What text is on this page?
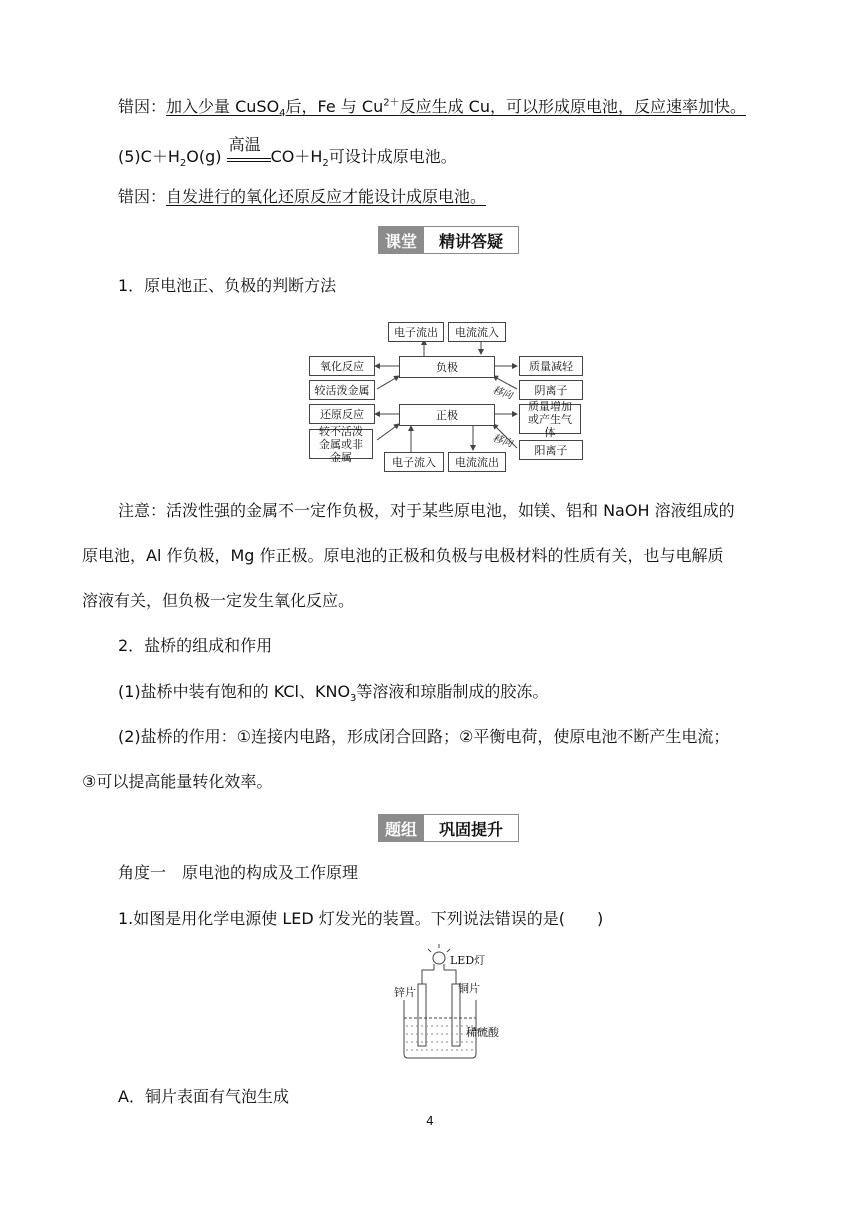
错因：加入少量 CuSO$_4$后，Fe 与 $Cu^{2+}$反应生成 Cu，可以形成原电池，反应速率加快。
$(5)C+H_2O(g)$
高温
$CO+H_2$可设计成原电池。
错因：自发进行的氧化还原反应才能设计成原电池。
课堂	精讲答疑
1．原电池正、负极的判断方法
电子流出	电流流入
负极
氧化反应
较活泼金属
质量减轻
阴离子
移向
正极
还原反应
较不活泼金属或非金属
质量增加或产生气体
移向
阳离子
电子流入	电流流出
注意：活泼性强的金属不一定作负极，对于某些原电池，如镁、铝和 NaOH 溶液组成的
原电池，Al 作负极，Mg 作正极。原电池的正极和负极与电极材料的性质有关，也与电解质
溶液有关，但负极一定发生氧化反应。
2．盐桥的组成和作用
(1)盐桥中装有饱和的 KCl、$KNO_3$等溶液和琼脂制成的胶冻。
(2)盐桥的作用：①连接内电路，形成闭合回路；②平衡电荷，使原电池不断产生电流；
③可以提高能量转化效率。
题组	巩固提升
角度一　原电池的构成及工作原理
1.如图是用化学电源使 LED 灯发光的装置。下列说法错误的是(　　)
LED灯
锌片	铜片
稀硫酸
A．铜片表面有气泡生成
4
